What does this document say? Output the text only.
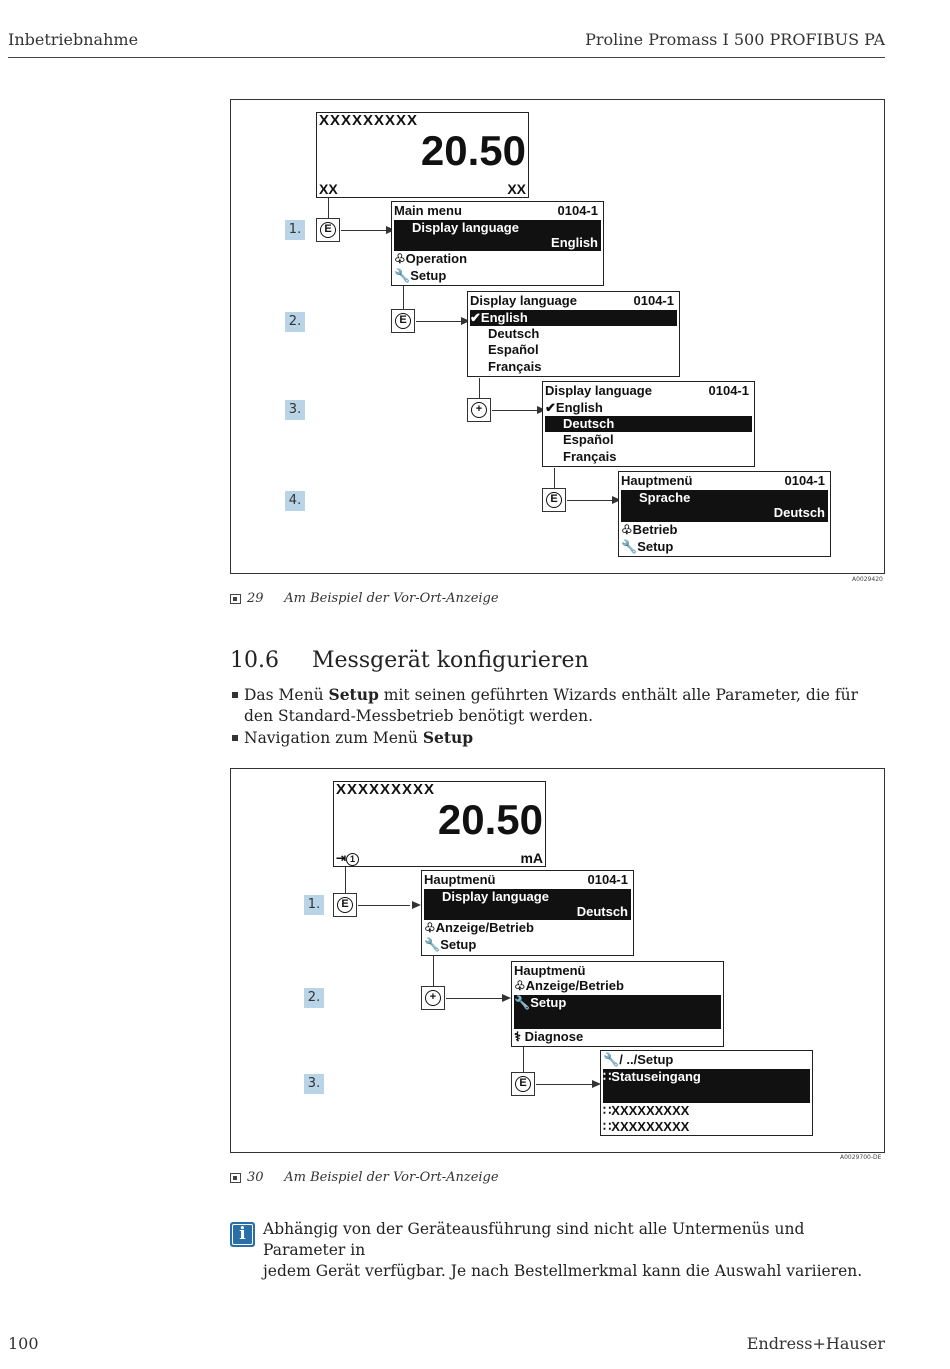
Inbetriebnahme	Proline Promass I 500 PROFIBUS PA
XXXXXXXXX
20.50
XX	XX
1.
2.
3.
4.
E
E
+
E
Main menu	0104-1
Display language
English
♧Operation
🔧Setup
Display language	0104-1
✔English
Deutsch
Español
Français
Display language	0104-1
✔English
Deutsch
Español
Français
Hauptmenü	0104-1
Sprache
Deutsch
♧Betrieb
🔧Setup
A0029420
29 Am Beispiel der Vor-Ort-Anzeige
10.6 Messgerät konfigurieren
Das Menü Setup mit seinen geführten Wizards enthält alle Parameter, die für den Standard-Messbetrieb benötigt werden.
Navigation zum Menü Setup
XXXXXXXXX
20.50
⇥ 1	mA
1.
2.
3.
E
+
E
Hauptmenü	0104-1
Display language
Deutsch
♧Anzeige/Betrieb
🔧Setup
Hauptmenü
♧Anzeige/Betrieb
🔧Setup
⚕ Diagnose
🔧/ ../Setup
∷Statuseingang
∷XXXXXXXXX
∷XXXXXXXXX
A0029700-DE
30 Am Beispiel der Vor-Ort-Anzeige
i	Abhängig von der Geräteausführung sind nicht alle Untermenüs und Parameter in
jedem Gerät verfügbar. Je nach Bestellmerkmal kann die Auswahl variieren.
100	Endress+Hauser
